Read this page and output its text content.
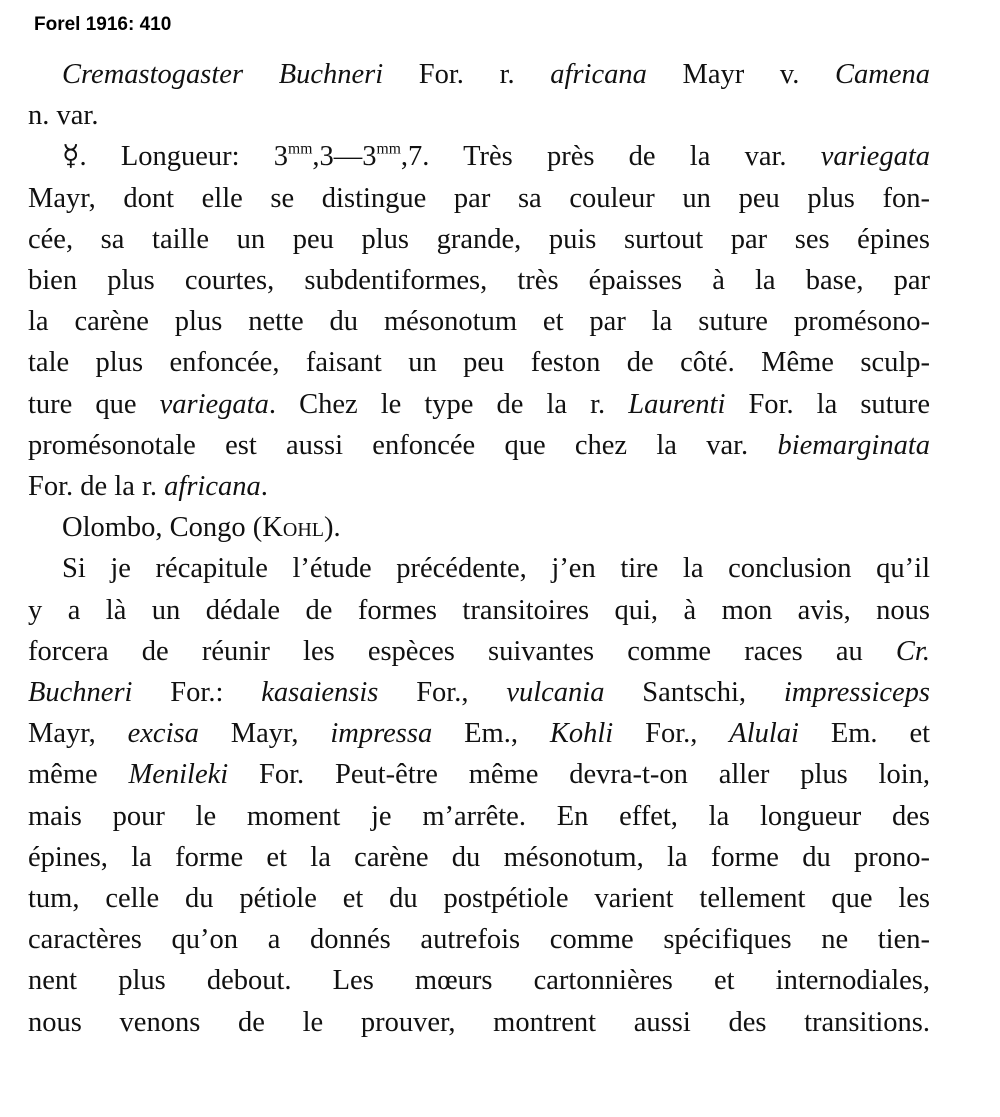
Forel 1916: 410
Cremastogaster Buchneri For. r. africana Mayr v. Camena
n. var.
☿. Longueur: $3^{mm},3—3^{mm},7$. Très près de la var. variegata
Mayr, dont elle se distingue par sa couleur un peu plus fon-
cée, sa taille un peu plus grande, puis surtout par ses épines
bien plus courtes, subdentiformes, très épaisses à la base, par
la carène plus nette du mésonotum et par la suture promésono-
tale plus enfoncée, faisant un peu feston de côté. Même sculp-
ture que variegata. Chez le type de la r. Laurenti For. la suture
promésonotale est aussi enfoncée que chez la var. biemarginata
For. de la r. africana.
Olombo, Congo (Kohl).
Si je récapitule l’étude précédente, j’en tire la conclusion qu’il
y a là un dédale de formes transitoires qui, à mon avis, nous
forcera de réunir les espèces suivantes comme races au Cr.
Buchneri For.: kasaiensis For., vulcania Santschi, impressiceps
Mayr, excisa Mayr, impressa Em., Kohli For., Alulai Em. et
même Menileki For. Peut-être même devra-t-on aller plus loin,
mais pour le moment je m’arrête. En effet, la longueur des
épines, la forme et la carène du mésonotum, la forme du prono-
tum, celle du pétiole et du postpétiole varient tellement que les
caractères qu’on a donnés autrefois comme spécifiques ne tien-
nent plus debout. Les mœurs cartonnières et internodiales,
nous venons de le prouver, montrent aussi des transitions.
